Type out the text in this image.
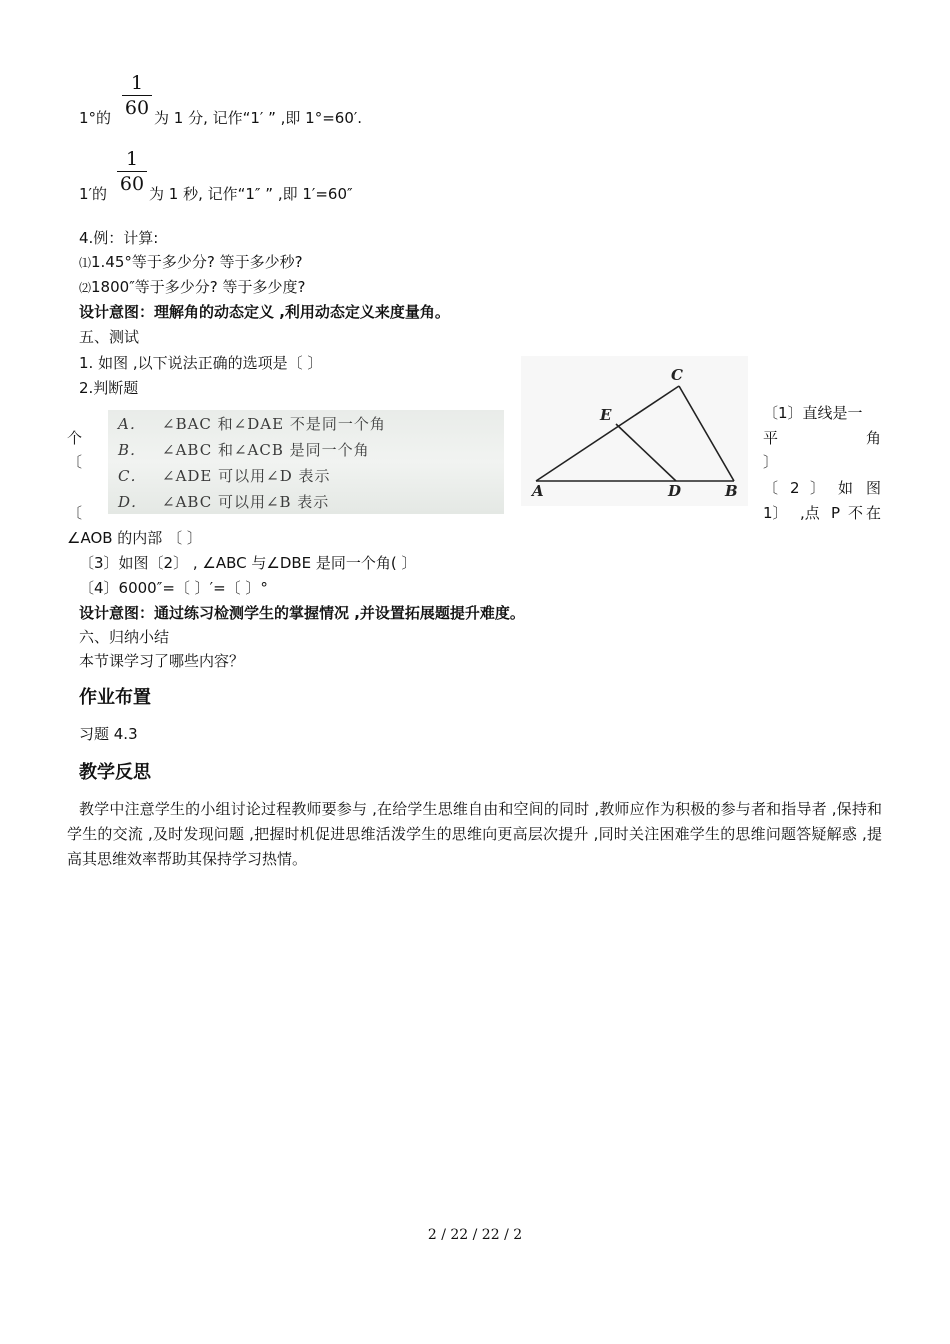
1
60
1°的	为 1 分, 记作“1′ ” ,即 1°=60′.
1
60
1′的	为 1 秒, 记作“1″ ” ,即 1′=60″
4.例：计算:
⑴1.45°等于多少分? 等于多少秒?
⑵1800″等于多少分? 等于多少度?
设计意图：理解角的动态定义 ,利用动态定义来度量角。
五、测试
1. 如图 ,以下说法正确的选项是〔 〕
2.判断题
个
〔
〔
A． ∠BAC 和∠DAE 不是同一个角
B． ∠ABC 和∠ACB 是同一个角
C． ∠ADE 可以用∠D 表示
D． ∠ABC 可以用∠B 表示
C
E
A	D	B
〔1〕直线是一
平	角
〕
〔 2 〕 如 图
1〕 ,点 P 不 在
∠AOB 的内部 〔 〕
〔3〕如图〔2〕 , ∠ABC 与∠DBE 是同一个角( 〕
〔4〕6000″=〔 〕′=〔 〕°
设计意图：通过练习检测学生的掌握情况 ,并设置拓展题提升难度。
六、归纳小结
本节课学习了哪些内容？
作业布置
习题 4.3
教学反思
教学中注意学生的小组讨论过程教师要参与 ,在给学生思维自由和空间的同时 ,教师应作为积极的参与者和指导者 ,保持和学生的交流 ,及时发现问题 ,把握时机促进思维活泼学生的思维向更高层次提升 ,同时关注困难学生的思维问题答疑解惑 ,提高其思维效率帮助其保持学习热情。
2 / 22 / 22 / 2
